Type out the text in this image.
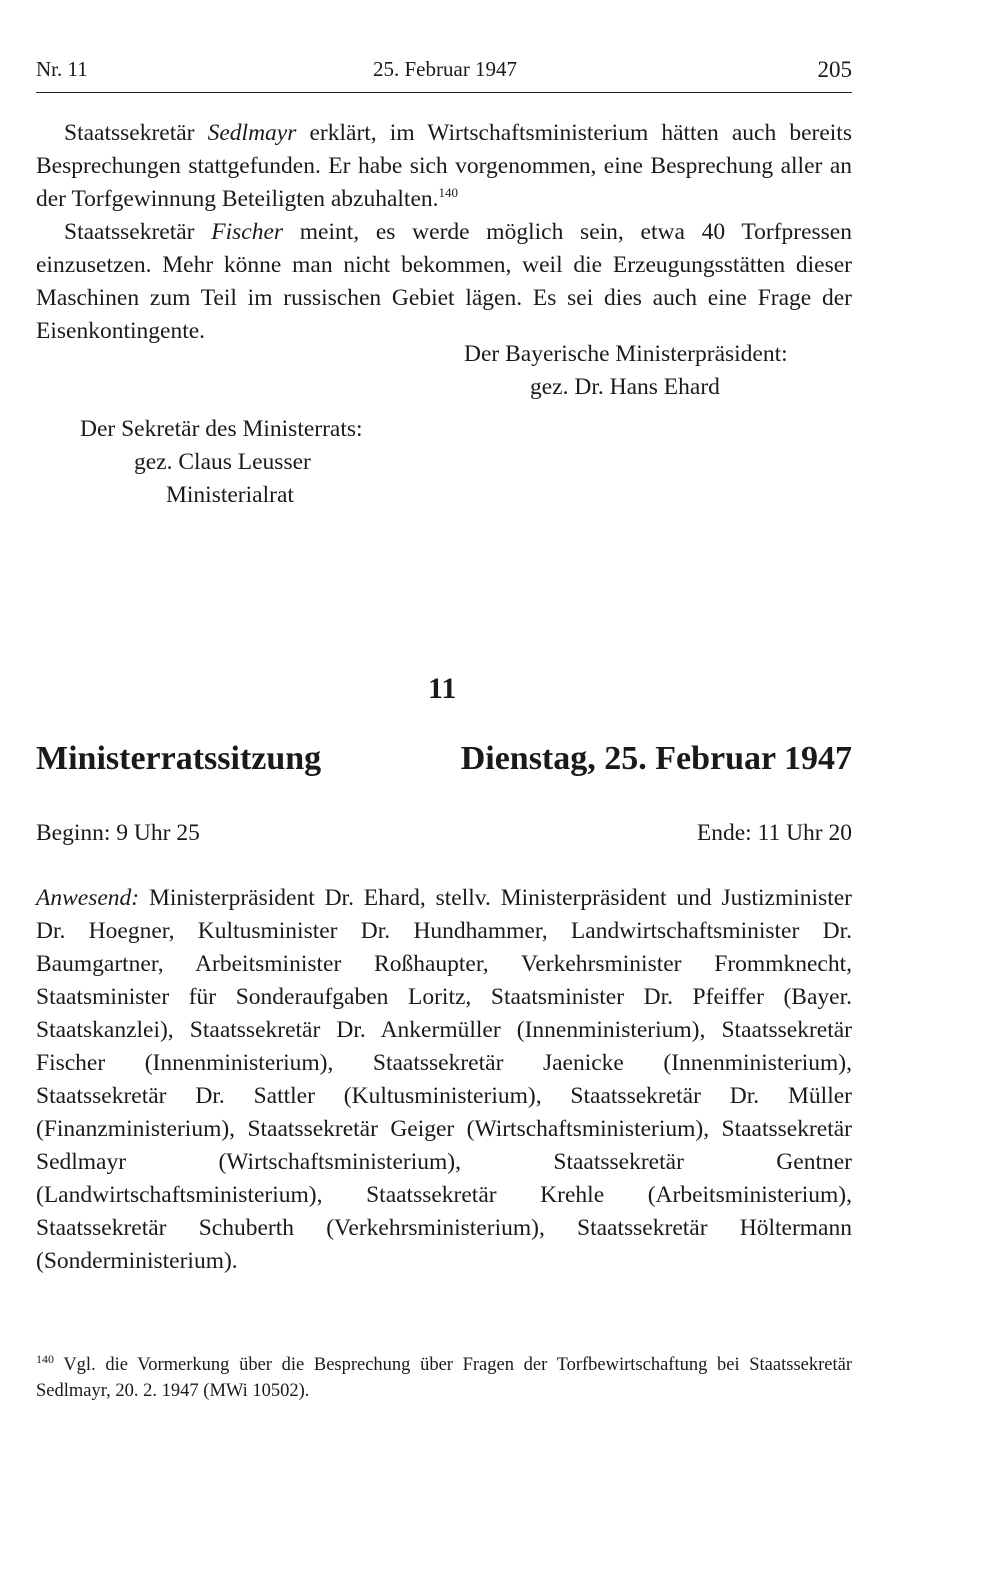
Nr. 11	25. Februar 1947	205

Staatssekretär Sedlmayr erklärt, im Wirtschaftsministerium hätten auch bereits Besprechungen stattgefunden. Er habe sich vorgenommen, eine Besprechung aller an der Torfgewinnung Beteiligten abzuhalten.$^{140}$

Staatssekretär Fischer meint, es werde möglich sein, etwa 40 Torfpressen einzusetzen. Mehr könne man nicht bekommen, weil die Erzeugungsstätten dieser Maschinen zum Teil im russischen Gebiet lägen. Es sei dies auch eine Frage der Eisenkontingente.

Der Bayerische Ministerpräsident:
gez. Dr. Hans Ehard
Der Sekretär des Ministerrats:
gez. Claus Leusser
Ministerialrat
11
Ministerratssitzung	Dienstag, 25. Februar 1947
Beginn: 9 Uhr 25	Ende: 11 Uhr 20

Anwesend: Ministerpräsident Dr. Ehard, stellv. Ministerpräsident und Justizminister Dr. Hoegner, Kultusminister Dr. Hundhammer, Landwirtschaftsminister Dr. Baumgartner, Arbeitsminister Roßhaupter, Verkehrsminister Frommknecht, Staatsminister für Sonderaufgaben Loritz, Staatsminister Dr. Pfeiffer (Bayer. Staatskanzlei), Staatssekretär Dr. Ankermüller (Innenministerium), Staatssekretär Fischer (Innenministerium), Staatssekretär Jaenicke (Innenministerium), Staatssekretär Dr. Sattler (Kultusministerium), Staatssekretär Dr. Müller (Finanzministerium), Staatssekretär Geiger (Wirtschaftsministerium), Staatssekretär Sedlmayr (Wirtschaftsministerium), Staatssekretär Gentner (Landwirtschaftsministerium), Staatssekretär Krehle (Arbeitsministerium), Staatssekretär Schuberth (Verkehrsministerium), Staatssekretär Höltermann (Sonderministerium).

$^{140}$ Vgl. die Vormerkung über die Besprechung über Fragen der Torfbewirtschaftung bei Staatssekretär Sedlmayr, 20. 2. 1947 (MWi 10502).
